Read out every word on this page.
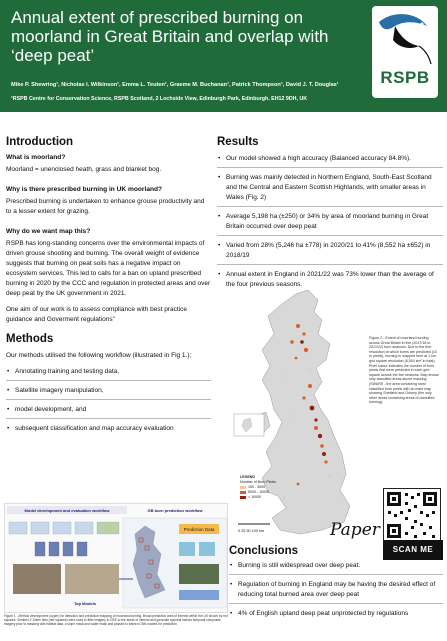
Annual extent of prescribed burning on moorland in Great Britain and overlap with ‘deep peat’
Mike P. Shewring¹, Nicholas I. Wilkinson¹, Emma L. Teuten¹, Graeme M. Buchanan¹, Patrick Thompson¹, David J. T. Douglas¹
¹RSPB Centre for Conservation Science, RSPB Scotland, 2 Lochside View, Edinburgh Park, Edinburgh, EH12 9DH, UK
RSPB
Introduction
What is moorland?

Moorland = unenclosed heath, grass and blanket bog.

Why is there prescribed burning in UK moorland?

Prescribed burning is undertaken to enhance grouse productivity and to a lesser extent for grazing.

Why do we want map this?

RSPB has long-standing concerns over the environmental impacts of driven grouse shooting and burning. The overall weight of evidence suggests that burning on peat soils has a negative impact on ecosystem services. This led to calls for a ban on upland prescribed burning in 2020 by the CCC and regulation in protected areas and over deep peat by the UK government in 2021.

One aim of our work is to assess compliance with best practice guidance and Goverment regulations"

Methods

Our methods utilised the following workflow (illustrated in Fig 1.);

• Annotating training and testing data,
• Satellite imagery manipulation,
• model development, and
• subsequent classification and map accuracy evaluation
Model development and evaluation workflow	GB burn prediction workflow
Prediction Data
Top Models
Figure 1 - Method development (upper) for detection and prediction mapping of moorland burning. Broad prediction area of interest within the UK shown by red squares. Sentinel-2 10km² tiles (red squares) were used to filter imagery in GEE to the areas of interest and generate spectral indices temporal composite imagery prior to masking with habitat data, a slope mask and water mask and passed to trained CNN models for prediction.
Results
• Our model showed a high accuracy (Balanced accuracy 84.8%).
• Burning was mainly detected in Northern England, South-East Scotland and the Central and Eastern Scottish Highlands, with smaller areas in Wales (Fig. 2)
• Average 5,198 ha (±250) or 34% by area of moorland burning in Great Britain occurred over deep peat
• Varied from 28% (5,246 ha ±778) in 2020/21 to 41% (8,552 ha ±652) in 2018/19
• Annual extent in England in 2021/22 was 73% lower than the average of the four previous seasons.
0 25 50 100 km
Figure 2 - Extent of moorland burning across Great Britain in five (2017/18 to 2021/22) burn seasons. Due to the fine resolution at which burns are predicted (10 m pixels), burning is mapped here at 1 km grid square resolution (6,504 km² in total). Pixel colour indicates the number of burn pixels that were predicted in each grid square across the five seasons. Map shows only classified areas above masking (SWARE - the area containing most classified burn pixels with an inset map showing Shetland and Orkney (the only other areas containing areas of classified burning).
LEGEND
Number of Burn Pixels
100 - 5000
5000 - 10000
> 10000
Paper
SCAN ME
Conclusions
• Burning is still widespread over deep peat.
• Regulation of burning in England may be having the desired effect of reducing total burned area over deep peat
• 4% of English upland deep peat unprotected by regulations
